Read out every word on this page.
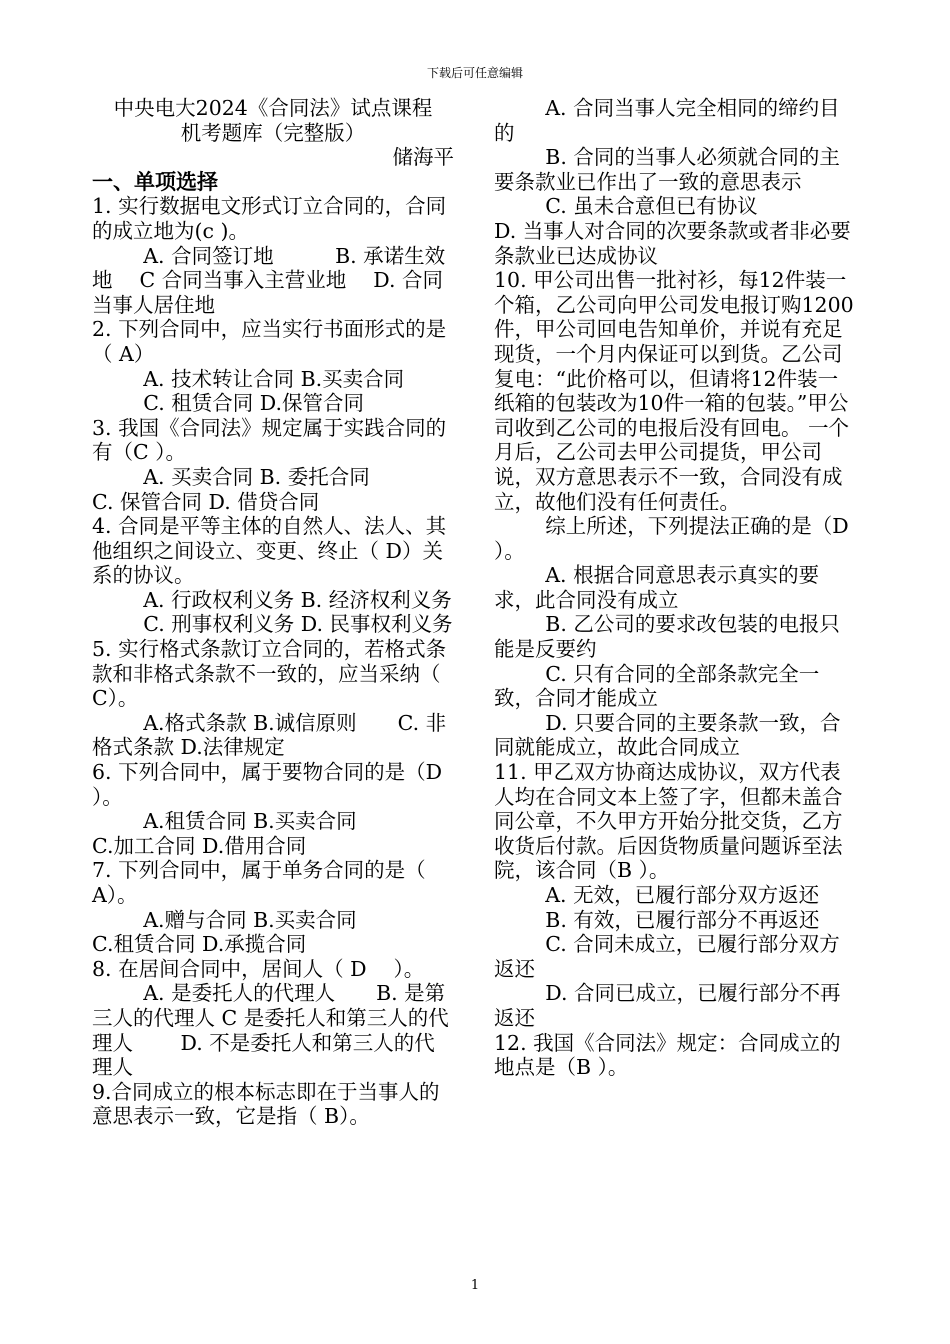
下载后可任意编辑

中央电大2024《合同法》试点课程

机考题库（完整版）

储海平

一、单项选择

1. 实行数据电文形式订立合同的，合同的成立地为(c )。

A. 合同签订地　　　B. 承诺生效地　 C 合同当事入主营业地　 D. 合同当事人居住地

2. 下列合同中，应当实行书面形式的是（ A）

A. 技术转让合同 B.买卖合同

C. 租赁合同 D.保管合同

3. 我国《合同法》规定属于实践合同的有（C ）。

A. 买卖合同 B. 委托合同

C. 保管合同 D. 借贷合同

4. 合同是平等主体的自然人、法人、其他组织之间设立、变更、终止（ D）关系的协议。

A. 行政权利义务 B. 经济权利义务

C. 刑事权利义务 D. 民事权利义务

5. 实行格式条款订立合同的，若格式条款和非格式条款不一致的，应当采纳（ C）。

A.格式条款 B.诚信原则　　C. 非格式条款 D.法律规定

6. 下列合同中，属于要物合同的是（D ）。

A.租赁合同 B.买卖合同

C.加工合同 D.借用合同

7. 下列合同中，属于单务合同的是（ A）。

A.赠与合同 B.买卖合同

C.租赁合同 D.承揽合同

8. 在居间合同中，居间人（ D　 ）。

A. 是委托人的代理人　　B. 是第三人的代理人 C 是委托人和第三人的代理人　　 D. 不是委托人和第三人的代理人

9.合同成立的根本标志即在于当事人的意思表示一致，它是指（ B）。

A. 合同当事人完全相同的缔约目的

B. 合同的当事人必须就合同的主要条款业已作出了一致的意思表示

C. 虽未合意但已有协议

D. 当事人对合同的次要条款或者非必要条款业已达成协议

10. 甲公司出售一批衬衫，每12件装一个箱，乙公司向甲公司发电报订购1200件，甲公司回电告知单价，并说有充足现货，一个月内保证可以到货。乙公司复电：“此价格可以，但请将12件装一纸箱的包装改为10件一箱的包装。”甲公司收到乙公司的电报后没有回电。 一个月后，乙公司去甲公司提货，甲公司说，双方意思表示不一致，合同没有成立，故他们没有任何责任。

综上所述，下列提法正确的是（D ）。

A. 根据合同意思表示真实的要求，此合同没有成立

B. 乙公司的要求改包装的电报只能是反要约

C. 只有合同的全部条款完全一致，合同才能成立

D. 只要合同的主要条款一致，合同就能成立，故此合同成立

11. 甲乙双方协商达成协议，双方代表人均在合同文本上签了字，但都未盖合同公章，不久甲方开始分批交货，乙方收货后付款。后因货物质量问题诉至法院，该合同（B ）。

A. 无效，已履行部分双方返还

B. 有效，已履行部分不再返还

C. 合同未成立，已履行部分双方返还

D. 合同已成立，已履行部分不再返还

12. 我国《合同法》规定：合同成立的地点是（B ）。

1
